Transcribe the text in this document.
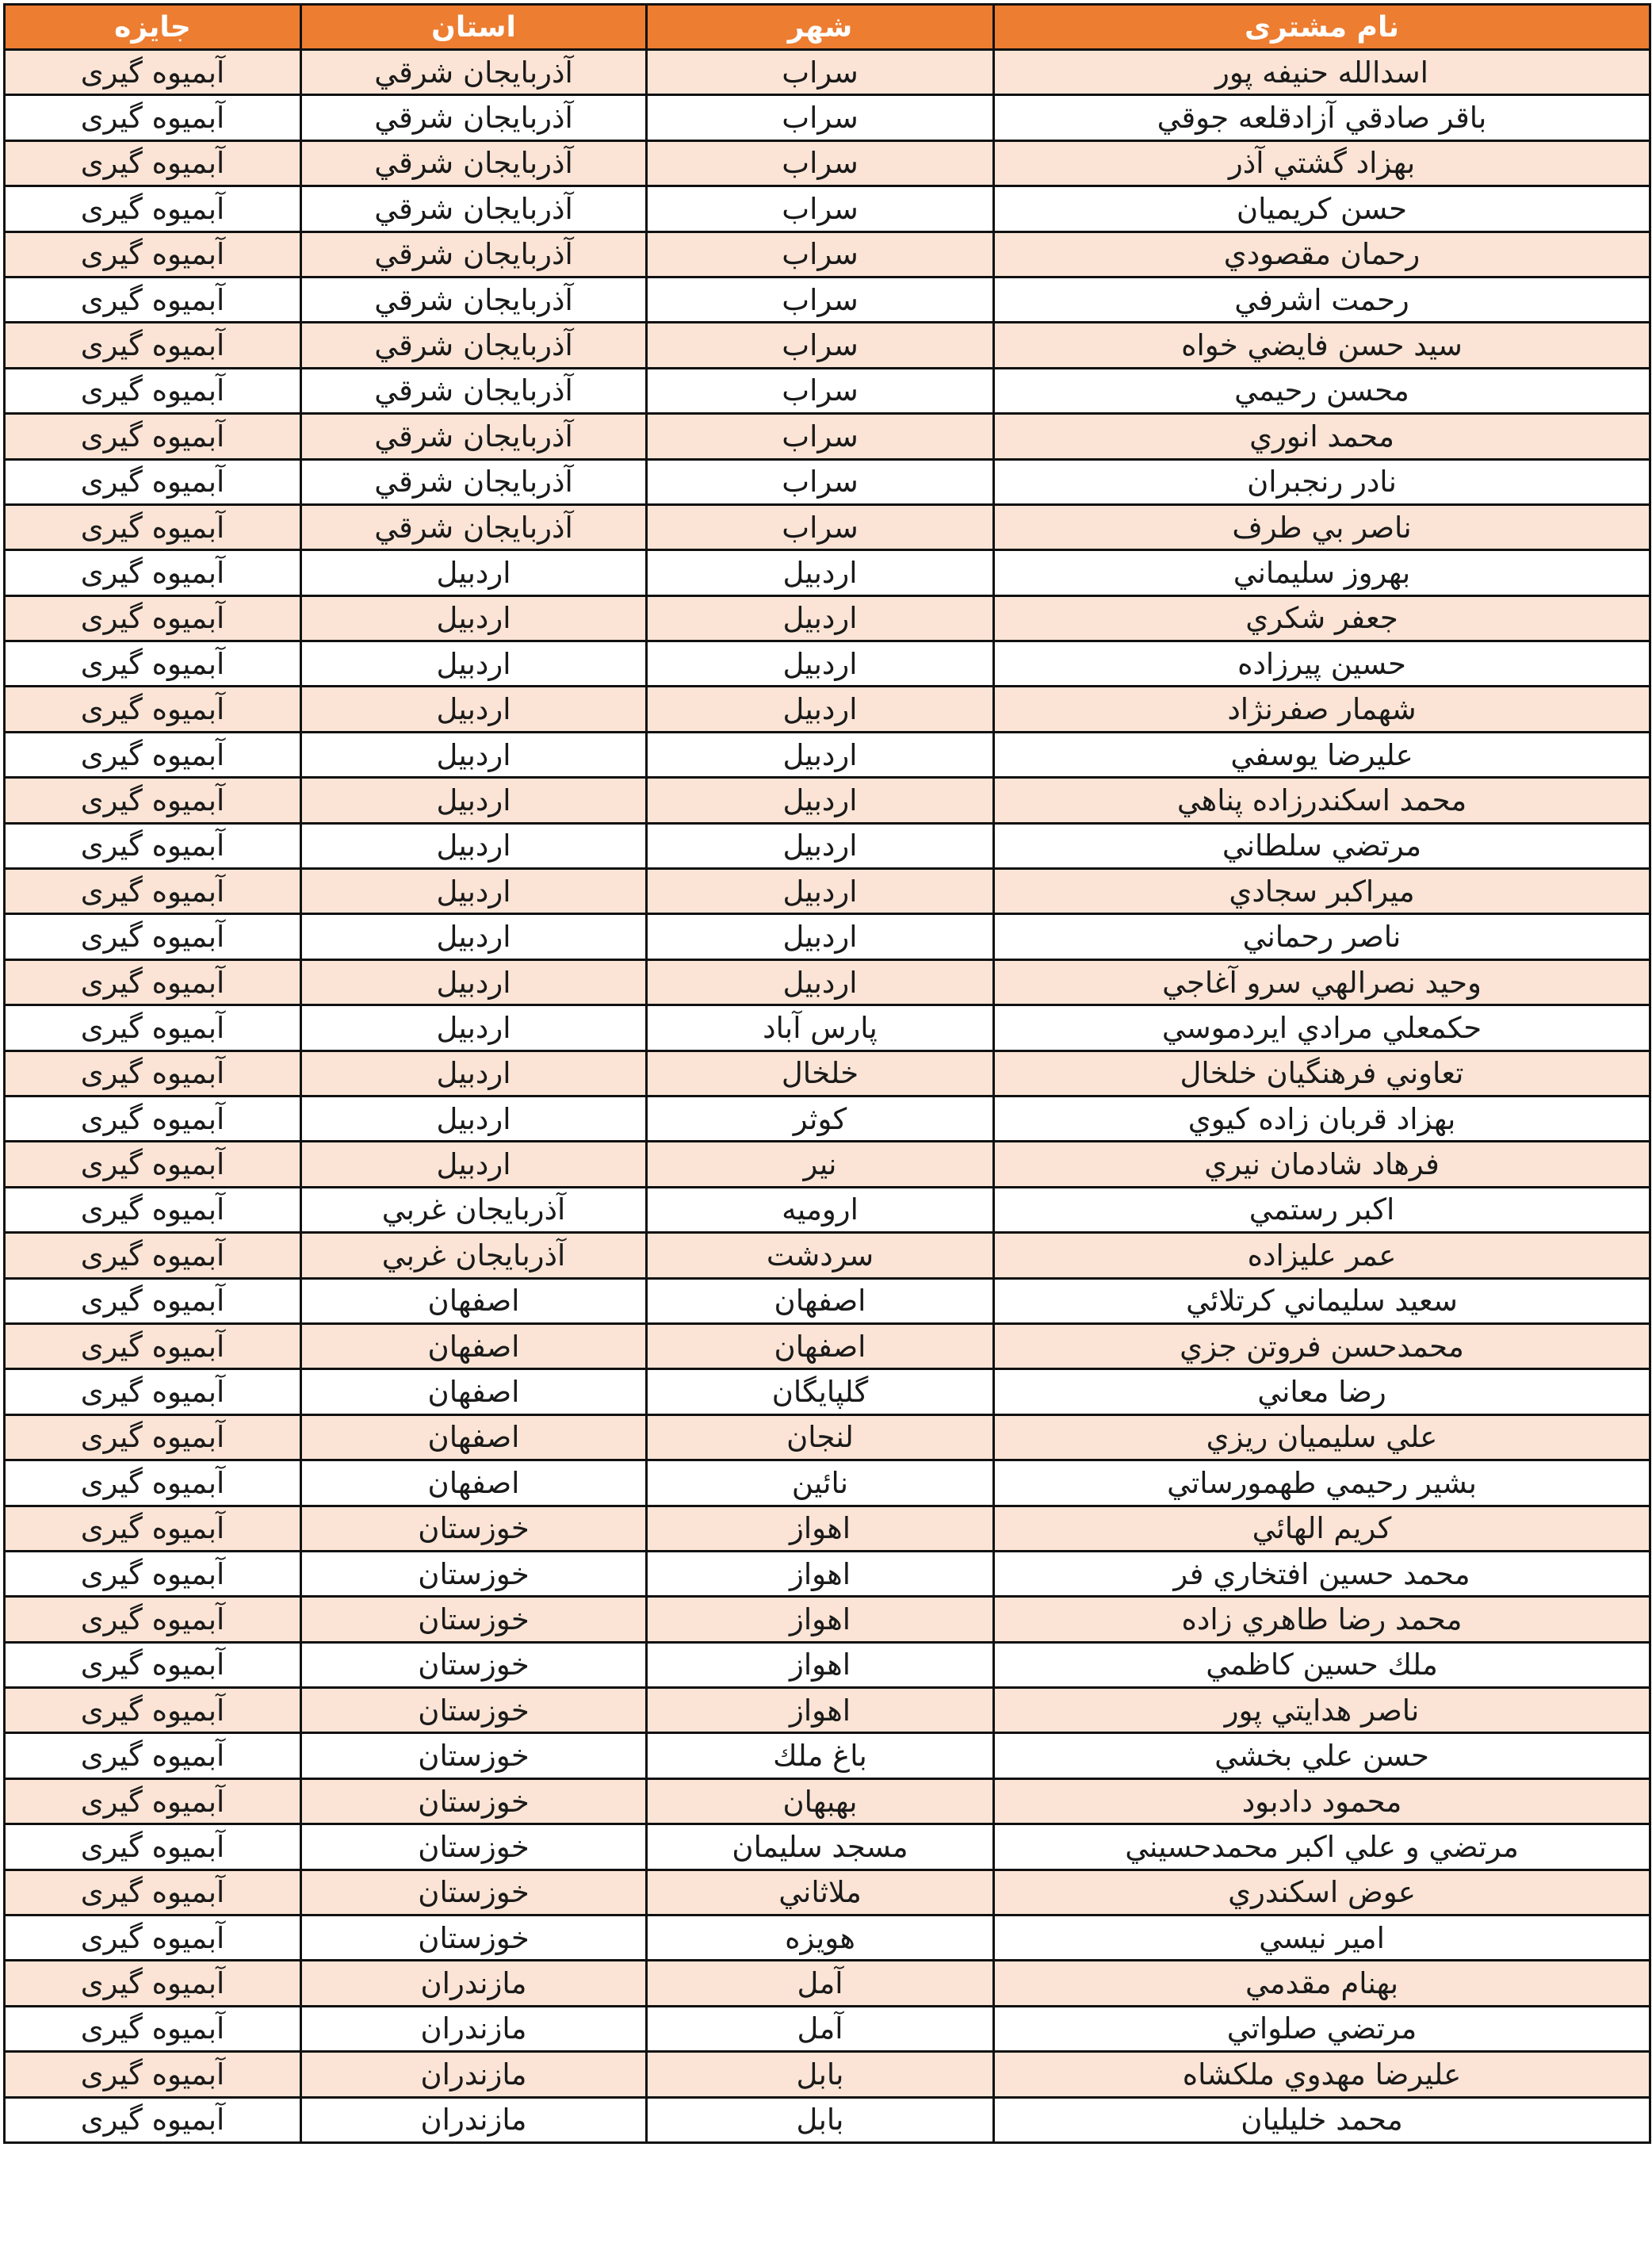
جایزه	استان	شهر	نام مشتری
آبمیوه گیری	آذربایجان شرقي	سراب	اسدالله حنيفه پور
آبمیوه گیری	آذربایجان شرقي	سراب	باقر صادقي آزادقلعه جوقي
آبمیوه گیری	آذربایجان شرقي	سراب	بهزاد گشتي آذر
آبمیوه گیری	آذربایجان شرقي	سراب	حسن كريميان
آبمیوه گیری	آذربایجان شرقي	سراب	رحمان مقصودي
آبمیوه گیری	آذربایجان شرقي	سراب	رحمت اشرفي
آبمیوه گیری	آذربایجان شرقي	سراب	سيد حسن فايضي خواه
آبمیوه گیری	آذربایجان شرقي	سراب	محسن رحيمي
آبمیوه گیری	آذربایجان شرقي	سراب	محمد انوري
آبمیوه گیری	آذربایجان شرقي	سراب	نادر رنجبران
آبمیوه گیری	آذربایجان شرقي	سراب	ناصر بي طرف
آبمیوه گیری	اردبیل	اردبيل	بهروز سليماني
آبمیوه گیری	اردبیل	اردبيل	جعفر شكري
آبمیوه گیری	اردبیل	اردبيل	حسين پيرزاده
آبمیوه گیری	اردبیل	اردبيل	شهمار صفرنژاد
آبمیوه گیری	اردبیل	اردبيل	عليرضا يوسفي
آبمیوه گیری	اردبیل	اردبيل	محمد اسكندرزاده پناهي
آبمیوه گیری	اردبیل	اردبيل	مرتضي سلطاني
آبمیوه گیری	اردبیل	اردبيل	ميراكبر سجادي
آبمیوه گیری	اردبیل	اردبيل	ناصر رحماني
آبمیوه گیری	اردبیل	اردبيل	وحيد نصرالهي سرو آغاجي
آبمیوه گیری	اردبیل	پارس آباد	حكمعلي مرادي ايردموسي
آبمیوه گیری	اردبیل	خلخال	تعاوني فرهنگيان خلخال
آبمیوه گیری	اردبیل	كوثر	بهزاد قربان زاده كيوي
آبمیوه گیری	اردبیل	نير	فرهاد شادمان نيري
آبمیوه گیری	آذربایجان غربي	اروميه	اكبر رستمي
آبمیوه گیری	آذربایجان غربي	سردشت	عمر عليزاده
آبمیوه گیری	اصفهان	اصفهان	سعيد سليماني كرتلائي
آبمیوه گیری	اصفهان	اصفهان	محمدحسن فروتن جزي
آبمیوه گیری	اصفهان	گلپايگان	رضا معاني
آبمیوه گیری	اصفهان	لنجان	علي سليميان ريزي
آبمیوه گیری	اصفهان	نائين	بشير رحيمي طهمورساتي
آبمیوه گیری	خوزستان	اهواز	كريم الهائي
آبمیوه گیری	خوزستان	اهواز	محمد حسين افتخاري فر
آبمیوه گیری	خوزستان	اهواز	محمد رضا طاهري زاده
آبمیوه گیری	خوزستان	اهواز	ملك حسين كاظمي
آبمیوه گیری	خوزستان	اهواز	ناصر هدايتي پور
آبمیوه گیری	خوزستان	باغ ملك	حسن علي بخشي
آبمیوه گیری	خوزستان	بهبهان	محمود دادبود
آبمیوه گیری	خوزستان	مسجد سليمان	مرتضي و علي اكبر محمدحسيني
آبمیوه گیری	خوزستان	ملاثاني	عوض اسكندري
آبمیوه گیری	خوزستان	هويزه	امير نيسي
آبمیوه گیری	مازندران	آمل	بهنام مقدمي
آبمیوه گیری	مازندران	آمل	مرتضي صلواتي
آبمیوه گیری	مازندران	بابل	عليرضا مهدوي ملكشاه
آبمیوه گیری	مازندران	بابل	محمد خليليان
